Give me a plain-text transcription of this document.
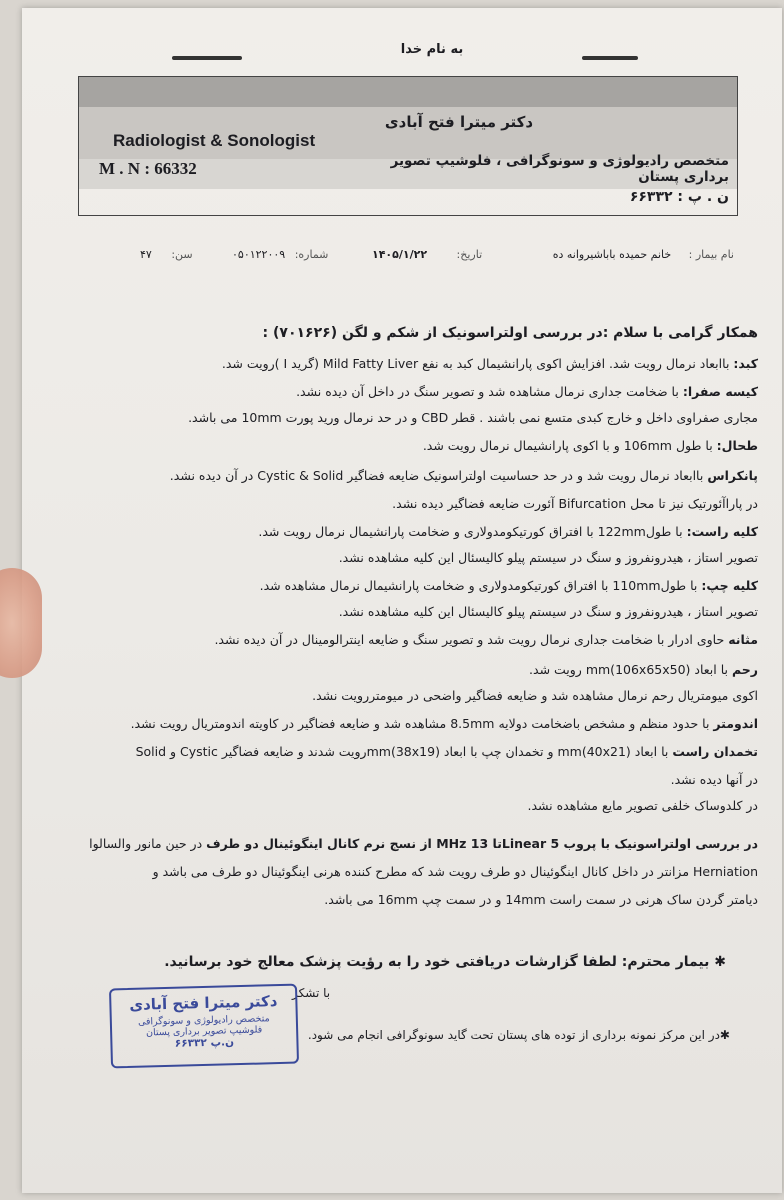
به نام خدا
دکتر میترا فتح آبادی
Radiologist & Sonologist
متخصص رادیولوژی و سونوگرافی ، فلوشیپ تصویر برداری پستان
M . N : 66332
ن . پ : ۶۶۳۳۲
نام بیمار : خانم حمیده باباشیروانه ده
تاریخ: ۱۴۰۵/۱/۲۲
شماره: ۰۵۰۱۲۲۰۰۹
سن: ۴۷
همکار گرامی با سلام :در بررسی اولتراسونیک از شکم و لگن (۷۰۱۶۲۶) :
کبد: باابعاد نرمال رویت شد. افزایش اکوی پارانشیمال کبد به نفع Mild Fatty Liver (گرید I )رویت شد.
کیسه صفرا: با ضخامت جداری نرمال مشاهده شد و تصویر سنگ در داخل آن دیده نشد.
مجاری صفراوی داخل و خارج کبدی متسع نمی باشند . قطر CBD و در حد نرمال ورید پورت 10mm می باشد.
طحال: با طول 106mm و با اکوی پارانشیمال نرمال رویت شد.
پانکراس باابعاد نرمال رویت شد و در حد حساسیت اولتراسونیک ضایعه فضاگیر Cystic & Solid در آن دیده نشد.
در پاراآئورتیک نیز تا محل Bifurcation آئورت ضایعه فضاگیر دیده نشد.
کلیه راست: با طول122mm با افتراق کورتیکومدولاری و ضخامت پارانشیمال نرمال رویت شد.
تصویر استاز ، هیدرونفروز و سنگ در سیستم پیلو کالیسئال این کلیه مشاهده نشد.
کلیه چپ: با طول110mm با افتراق کورتیکومدولاری و ضخامت پارانشیمال نرمال مشاهده شد.
تصویر استاز ، هیدرونفروز و سنگ در سیستم پیلو کالیسئال این کلیه مشاهده نشد.
مثانه حاوی ادرار با ضخامت جداری نرمال رویت شد و تصویر سنگ و ضایعه اینترالومینال در آن دیده نشد.
رحم با ابعاد (106x65x50)mm رویت شد.
اکوی میومتریال رحم نرمال مشاهده شد و ضایعه فضاگیر واضحی در میومتررویت نشد.
اندومتر با حدود منظم و مشخص باضخامت دولایه 8.5mm مشاهده شد و ضایعه فضاگیر در کاویته اندومتریال رویت نشد.
تخمدان راست با ابعاد (40x21)mm و تخمدان چپ با ابعاد (38x19)mmرویت شدند و ضایعه فضاگیر Cystic و Solid
در آنها دیده نشد.
در کلدوساک خلفی تصویر مایع مشاهده نشد.
در بررسی اولتراسونیک با پروب Linear 5تا 13 MHz از نسج نرم کانال اینگوئینال دو طرف در حین مانور والسالوا
Herniation مزانتر در داخل کانال اینگوئینال دو طرف رویت شد که مطرح کننده هرنی اینگوئینال دو طرف می باشد و
دیامتر گردن ساک هرنی در سمت راست 14mm و در سمت چپ 16mm می باشد.
✱ بیمار محترم: لطفا گزارشات دریافتی خود را به رؤیت پزشک معالج خود برسانید.
با تشکر
دکتر میترا فتح آبادی
متخصص رادیولوژی و سونوگرافی
فلوشیپ تصویر برداری پستان
ن.پ ۶۶۳۳۲
✱در این مرکز نمونه برداری از توده های پستان تحت گاید سونوگرافی انجام می شود.
